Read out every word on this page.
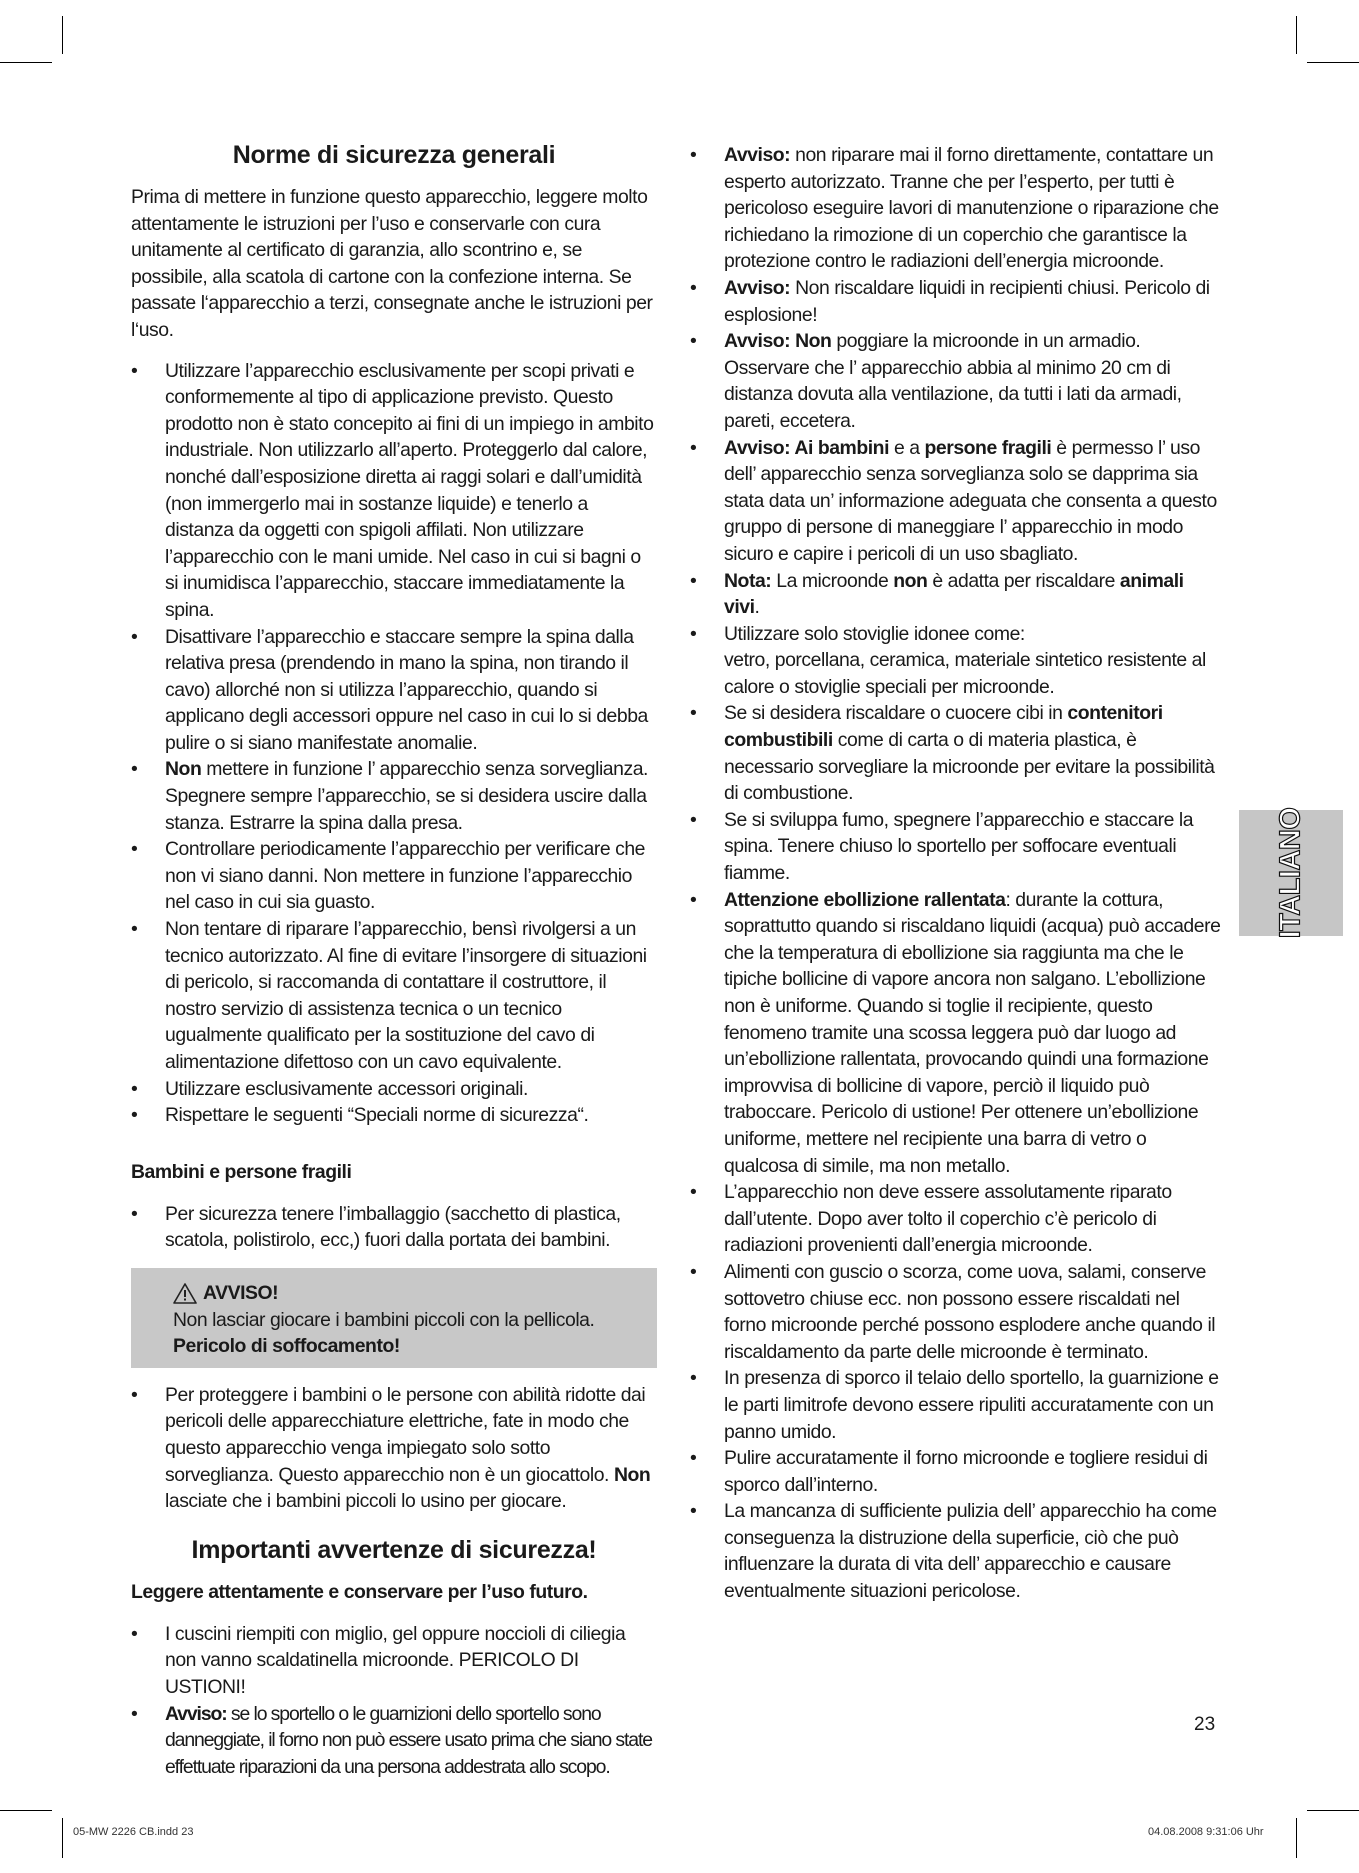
Norme di sicurezza generali

Prima di mettere in funzione questo apparecchio, leggere molto attentamente le istruzioni per l’uso e conservarle con cura unitamente al certificato di garanzia, allo scontrino e, se possibile, alla scatola di cartone con la confezione interna. Se passate l‘apparecchio a terzi, consegnate anche le istruzioni per l‘uso.

• Utilizzare l’apparecchio esclusivamente per scopi privati e conformemente al tipo di applicazione previsto. Questo prodotto non è stato concepito ai fini di un impiego in ambito industriale. Non utilizzarlo all’aperto. Proteggerlo dal calore, nonché dall’esposizione diretta ai raggi solari e dall’umidità (non immergerlo mai in sostanze liquide) e tenerlo a distanza da oggetti con spigoli affilati. Non utilizzare l’apparecchio con le mani umide. Nel caso in cui si bagni o si inumidisca l’apparecchio, staccare immediatamente la spina.
• Disattivare l’apparecchio e staccare sempre la spina dalla relativa presa (prendendo in mano la spina, non tirando il cavo) allorché non si utilizza l’apparecchio, quando si applicano degli accessori oppure nel caso in cui lo si debba pulire o si siano manifestate anomalie.
• Non mettere in funzione l’ apparecchio senza sorveglianza. Spegnere sempre l’apparecchio, se si desidera uscire dalla stanza. Estrarre la spina dalla presa.
• Controllare periodicamente l’apparecchio per verificare che non vi siano danni. Non mettere in funzione l’apparecchio nel caso in cui sia guasto.
• Non tentare di riparare l’apparecchio, bensì rivolgersi a un tecnico autorizzato. Al fine di evitare l’insorgere di situazioni di pericolo, si raccomanda di contattare il costruttore, il nostro servizio di assistenza tecnica o un tecnico ugualmente qualificato per la sostituzione del cavo di alimentazione difettoso con un cavo equivalente.
• Utilizzare esclusivamente accessori originali.
• Rispettare le seguenti “Speciali norme di sicurezza“.
Bambini e persone fragili
• Per sicurezza tenere l’imballaggio (sacchetto di plastica, scatola, polistirolo, ecc,) fuori dalla portata dei bambini.
AVVISO!
Non lasciar giocare i bambini piccoli con la pellicola.
Pericolo di soffocamento!
• Per proteggere i bambini o le persone con abilità ridotte dai pericoli delle apparecchiature elettriche, fate in modo che questo apparecchio venga impiegato solo sotto sorveglianza. Questo apparecchio non è un giocattolo. Non lasciate che i bambini piccoli lo usino per giocare.
Importanti avvertenze di sicurezza!
Leggere attentamente e conservare per l’uso futuro.
• I cuscini riempiti con miglio, gel oppure noccioli di ciliegia non vanno scaldatinella microonde. PERICOLO DI USTIONI!
• Avviso: se lo sportello o le guarnizioni dello sportello sono danneggiate, il forno non può essere usato prima che siano state effettuate riparazioni da una persona addestrata allo scopo.
• Avviso: non riparare mai il forno direttamente, contattare un esperto autorizzato. Tranne che per l’esperto, per tutti è pericoloso eseguire lavori di manutenzione o riparazione che richiedano la rimozione di un coperchio che garantisce la protezione contro le radiazioni dell’energia microonde.
• Avviso: Non riscaldare liquidi in recipienti chiusi. Pericolo di esplosione!
• Avviso: Non poggiare la microonde in un armadio. Osservare che l’ apparecchio abbia al minimo 20 cm di distanza dovuta alla ventilazione, da tutti i lati da armadi, pareti, eccetera.
• Avviso: Ai bambini e a persone fragili è permesso l’ uso dell’ apparecchio senza sorveglianza solo se dapprima sia stata data un’ informazione adeguata che consenta a questo gruppo di persone di maneggiare l’ apparecchio in modo sicuro e capire i pericoli di un uso sbagliato.
• Nota: La microonde non è adatta per riscaldare animali vivi.
• Utilizzare solo stoviglie idonee come:
vetro, porcellana, ceramica, materiale sintetico resistente al calore o stoviglie speciali per microonde.
• Se si desidera riscaldare o cuocere cibi in contenitori combustibili come di carta o di materia plastica, è necessario sorvegliare la microonde per evitare la possibilità di combustione.
• Se si sviluppa fumo, spegnere l’apparecchio e staccare la spina. Tenere chiuso lo sportello per soffocare eventuali fiamme.
• Attenzione ebollizione rallentata: durante la cottura, soprattutto quando si riscaldano liquidi (acqua) può accadere che la temperatura di ebollizione sia raggiunta ma che le tipiche bollicine di vapore ancora non salgano. L’ebollizione non è uniforme. Quando si toglie il recipiente, questo fenomeno tramite una scossa leggera può dar luogo ad un’ebollizione rallentata, provocando quindi una formazione improvvisa di bollicine di vapore, perciò il liquido può traboccare. Pericolo di ustione! Per ottenere un’ebollizione uniforme, mettere nel recipiente una barra di vetro o qualcosa di simile, ma non metallo.
• L’apparecchio non deve essere assolutamente riparato dall’utente. Dopo aver tolto il coperchio c’è pericolo di radiazioni provenienti dall’energia microonde.
• Alimenti con guscio o scorza, come uova, salami, conserve sottovetro chiuse ecc. non possono essere riscaldati nel forno microonde perché possono esplodere anche quando il riscaldamento da parte delle microonde è terminato.
• In presenza di sporco il telaio dello sportello, la guarnizione e le parti limitrofe devono essere ripuliti accuratamente con un panno umido.
• Pulire accuratamente il forno microonde e togliere residui di sporco dall’interno.
• La mancanza di sufficiente pulizia dell’ apparecchio ha come conseguenza la distruzione della superficie, ciò che può influenzare la durata di vita dell’ apparecchio e causare eventualmente situazioni pericolose.
ITALIANO
23
05-MW 2226 CB.indd 23	04.08.2008 9:31:06 Uhr
